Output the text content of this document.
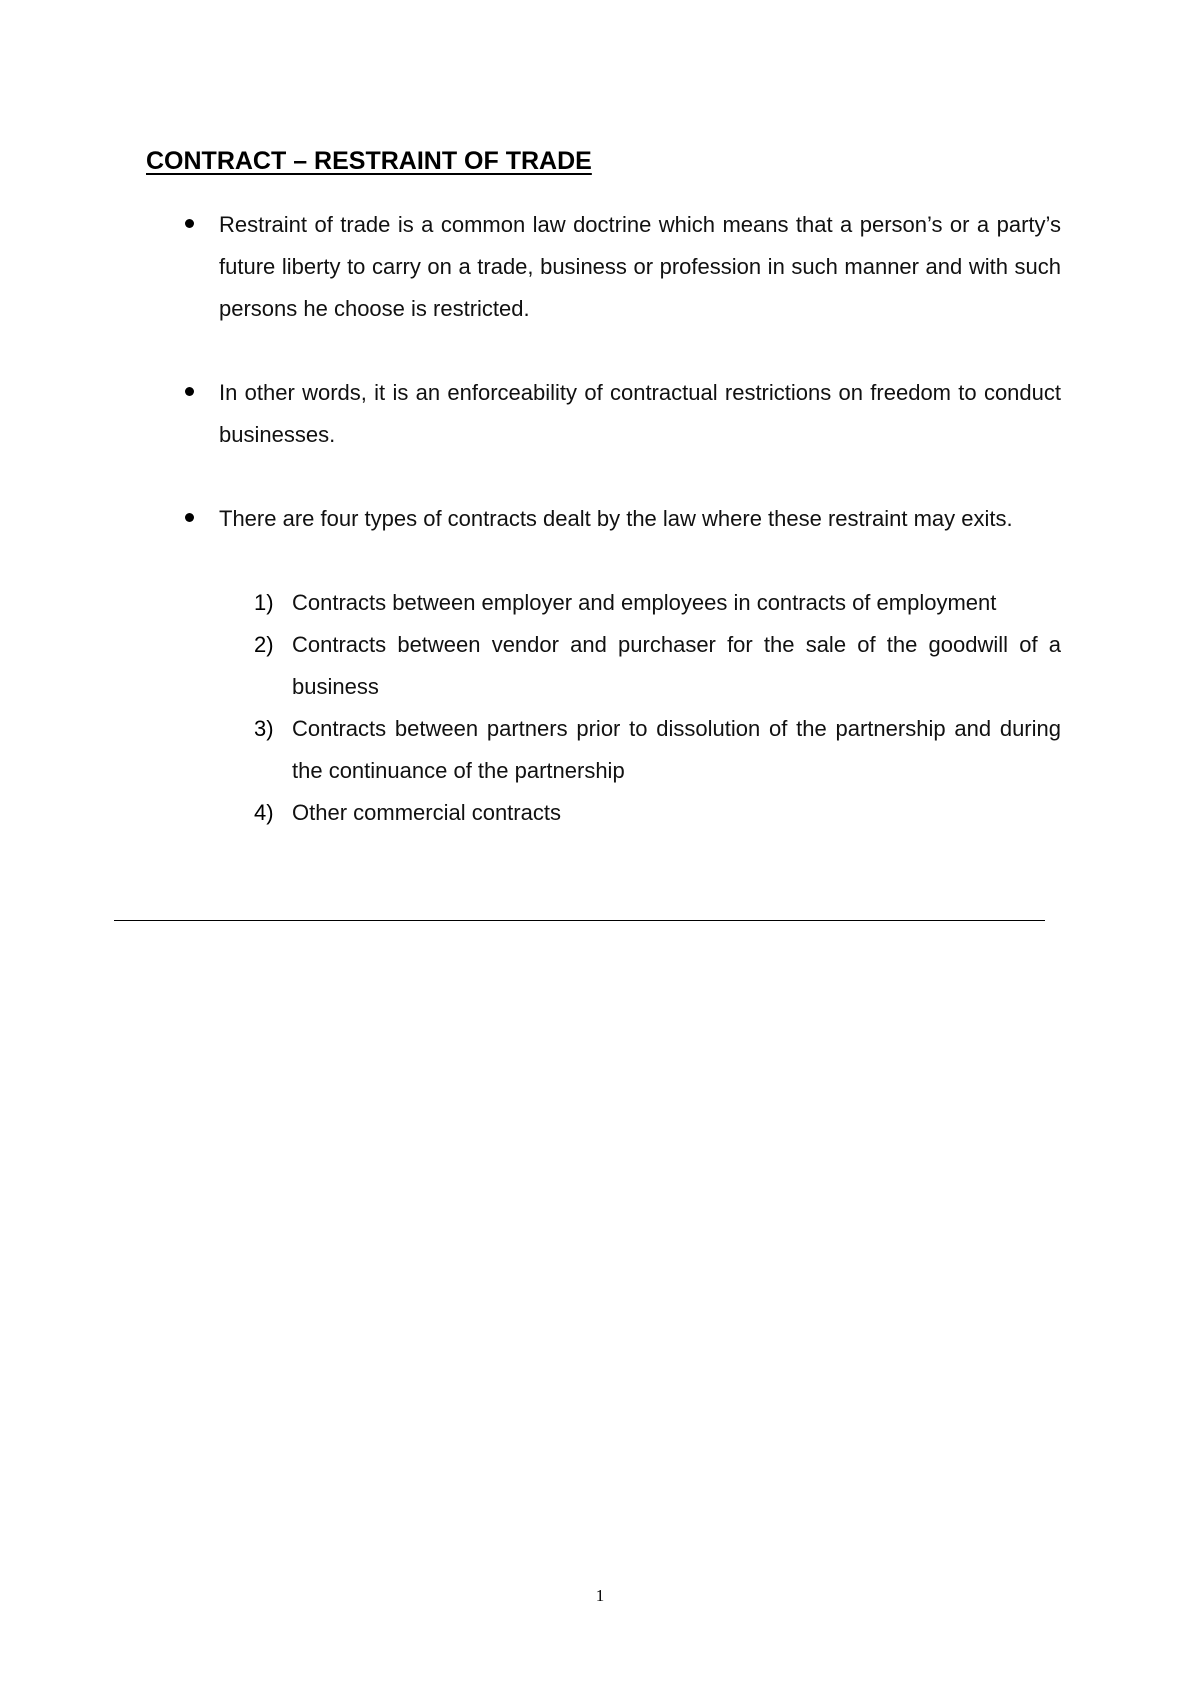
CONTRACT – RESTRAINT OF TRADE

Restraint of trade is a common law doctrine which means that a person’s or a party’s future liberty to carry on a trade, business or profession in such manner and with such persons he choose is restricted.

In other words, it is an enforceability of contractual restrictions on freedom to conduct businesses.

There are four types of contracts dealt by the law where these restraint may exits.

1) Contracts between employer and employees in contracts of employment

2) Contracts between vendor and purchaser for the sale of the goodwill of a business

3) Contracts between partners prior to dissolution of the partnership and during the continuance of the partnership

4) Other commercial contracts

1
